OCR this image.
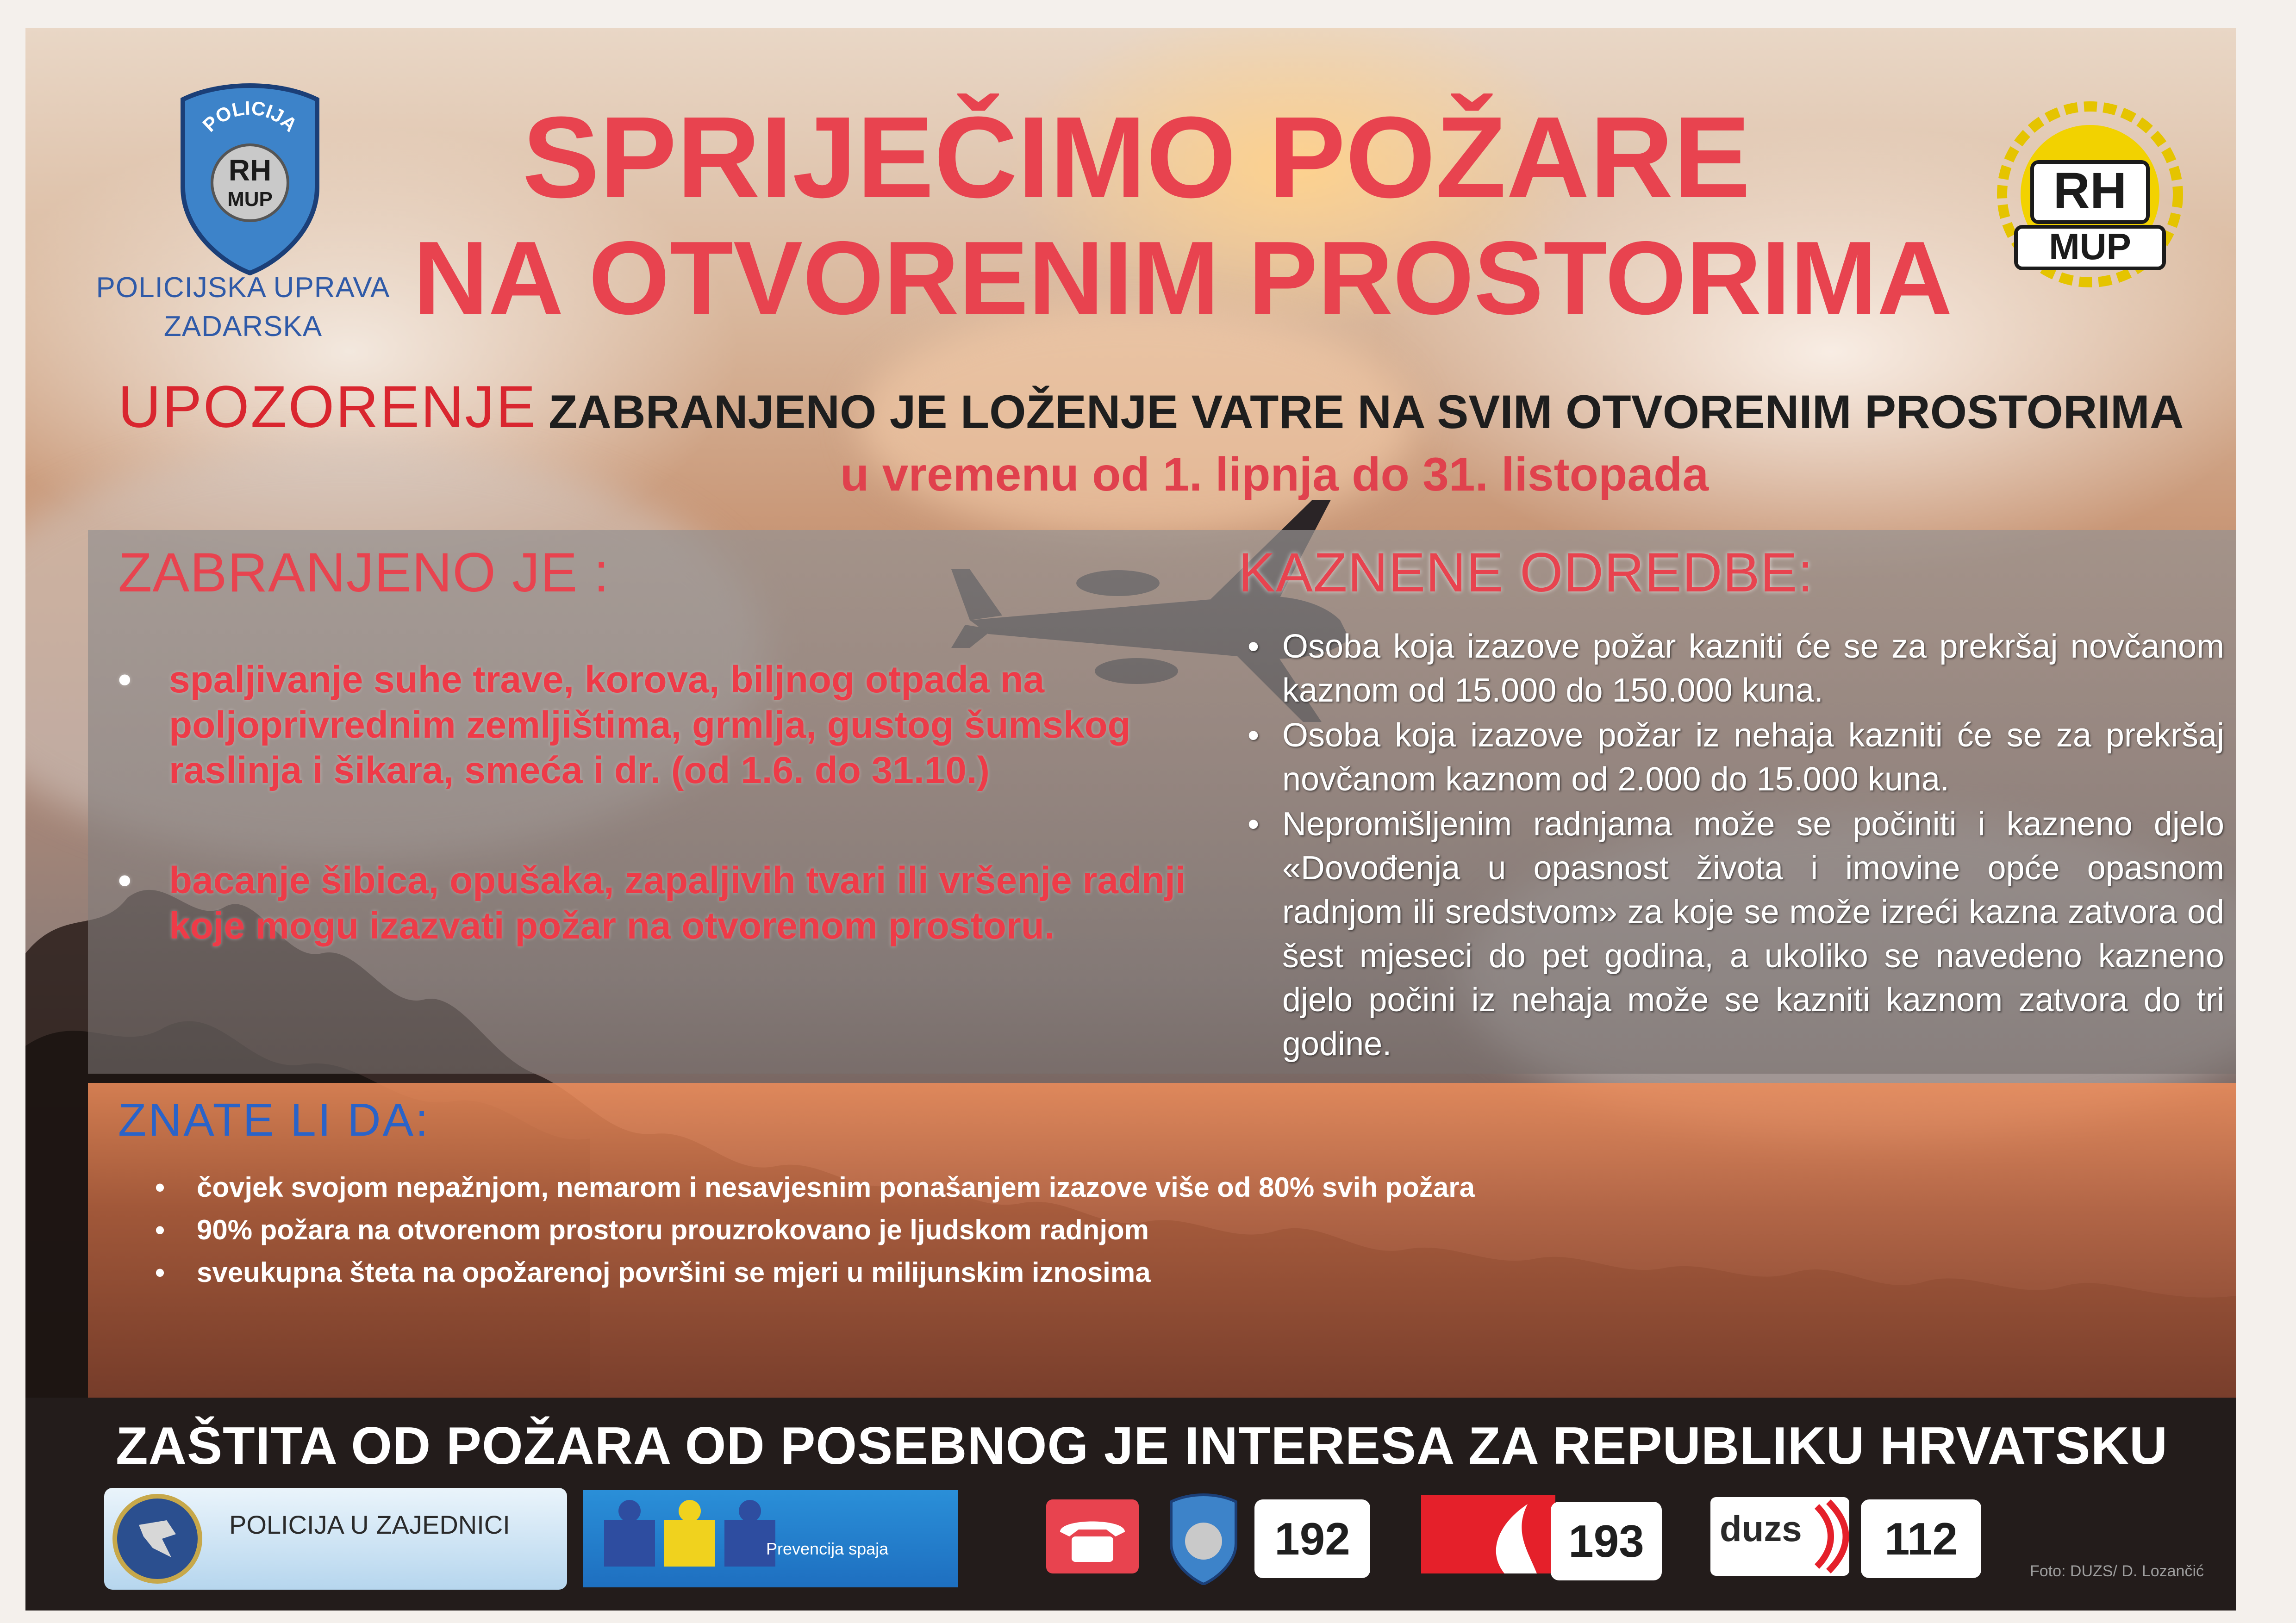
POLICIJA
RH
MUP
POLICIJSKA UPRAVA ZADARSKA
SPRIJEČIMO POŽARE
NA OTVORENIM PROSTORIMA
RH
MUP
UPOZORENJE ZABRANJENO JE LOŽENJE VATRE NA SVIM OTVORENIM PROSTORIMA
u vremenu od 1. lipnja do 31. listopada
ZABRANJENO JE :
• spaljivanje suhe trave, korova, biljnog otpada na poljoprivrednim zemljištima, grmlja, gustog šumskog raslinja i šikara, smeća i dr. (od 1.6. do 31.10.)
• bacanje šibica, opušaka, zapaljivih tvari ili vršenje radnji koje mogu izazvati požar na otvorenom prostoru.
KAZNENE ODREDBE:
• Osoba koja izazove požar kazniti će se za prekršaj novčanom kaznom od 15.000 do 150.000 kuna.
• Osoba koja izazove požar iz nehaja kazniti će se za prekršaj novčanom kaznom od 2.000 do 15.000 kuna.
• Nepromišljenim radnjama može se počiniti i kazneno djelo «Dovođenja u opasnost života i imovine opće opasnom radnjom ili sredstvom» za koje se može izreći kazna zatvora od šest mjeseci do pet godina, a ukoliko se navedeno kazneno djelo počini iz nehaja može se kazniti kaznom zatvora do tri godine.
ZNATE LI DA:
• čovjek svojom nepažnjom, nemarom i nesavjesnim ponašanjem izazove više od 80% svih požara
• 90% požara na otvorenom prostoru prouzrokovano je ljudskom radnjom
• sveukupna šteta na opožarenoj površini se mjeri u milijunskim iznosima
ZAŠTITA OD POŽARA OD POSEBNOG JE INTERESA ZA REPUBLIKU HRVATSKU
POLICIJA U ZAJEDNICI
Prevencija spaja	192	193	duzs	112
Foto: DUZS/ D. Lozančić
